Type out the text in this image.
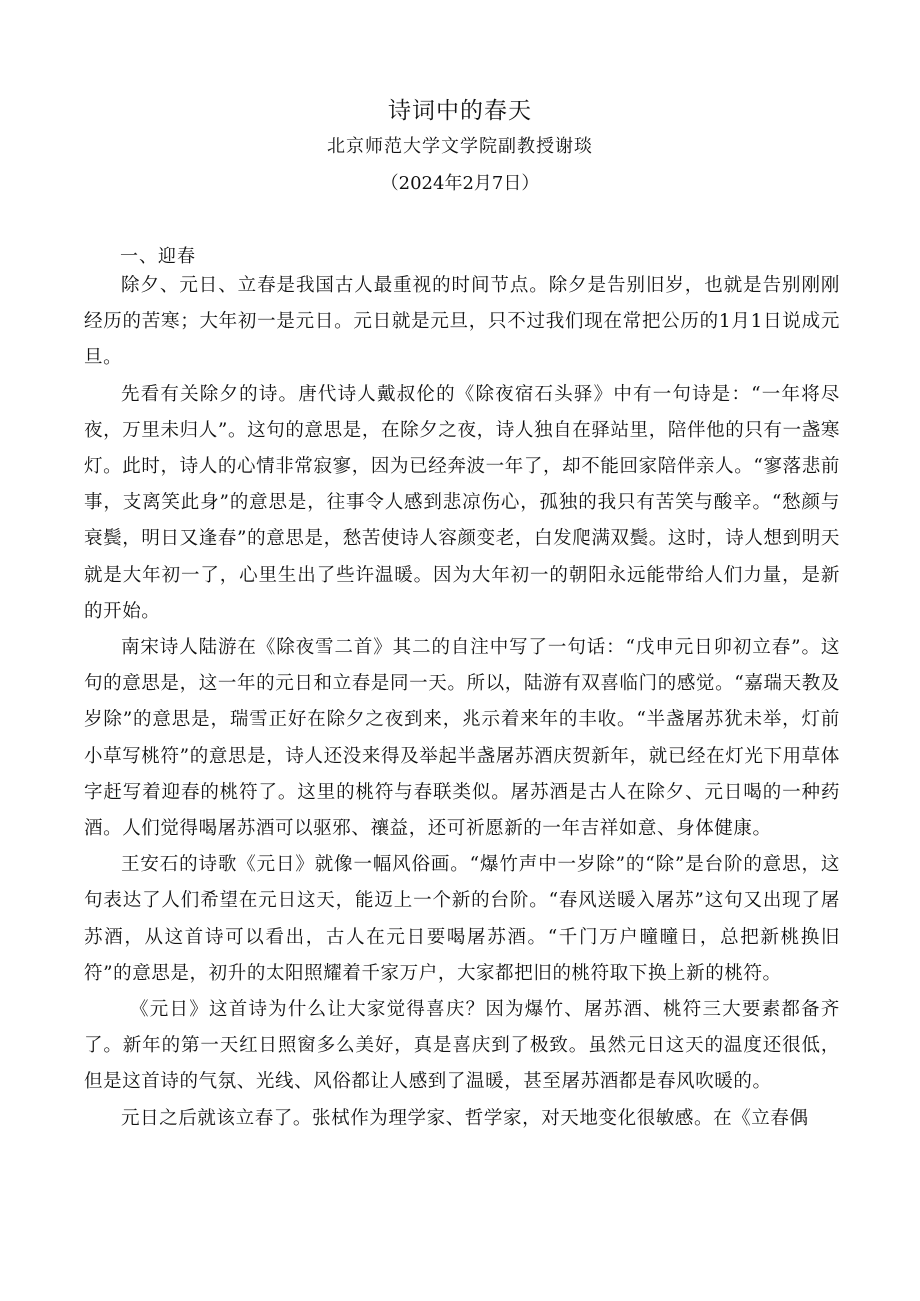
诗词中的春天
北京师范大学文学院副教授谢琰
（2024年2月7日）
一、迎春

除夕、元日、立春是我国古人最重视的时间节点。除夕是告别旧岁，也就是告别刚刚经历的苦寒；大年初一是元日。元日就是元旦，只不过我们现在常把公历的1月1日说成元旦。

先看有关除夕的诗。唐代诗人戴叔伦的《除夜宿石头驿》中有一句诗是：“一年将尽夜，万里未归人”。这句的意思是，在除夕之夜，诗人独自在驿站里，陪伴他的只有一盏寒灯。此时，诗人的心情非常寂寥，因为已经奔波一年了，却不能回家陪伴亲人。“寥落悲前事，支离笑此身”的意思是，往事令人感到悲凉伤心，孤独的我只有苦笑与酸辛。“愁颜与衰鬓，明日又逢春”的意思是，愁苦使诗人容颜变老，白发爬满双鬓。这时，诗人想到明天就是大年初一了，心里生出了些许温暖。因为大年初一的朝阳永远能带给人们力量，是新的开始。

南宋诗人陆游在《除夜雪二首》其二的自注中写了一句话：“戊申元日卯初立春”。这句的意思是，这一年的元日和立春是同一天。所以，陆游有双喜临门的感觉。“嘉瑞天教及岁除”的意思是，瑞雪正好在除夕之夜到来，兆示着来年的丰收。“半盏屠苏犹未举，灯前小草写桃符”的意思是，诗人还没来得及举起半盏屠苏酒庆贺新年，就已经在灯光下用草体字赶写着迎春的桃符了。这里的桃符与春联类似。屠苏酒是古人在除夕、元日喝的一种药酒。人们觉得喝屠苏酒可以驱邪、禳益，还可祈愿新的一年吉祥如意、身体健康。

王安石的诗歌《元日》就像一幅风俗画。“爆竹声中一岁除”的“除”是台阶的意思，这句表达了人们希望在元日这天，能迈上一个新的台阶。“春风送暖入屠苏”这句又出现了屠苏酒，从这首诗可以看出，古人在元日要喝屠苏酒。“千门万户曈曈日，总把新桃换旧符”的意思是，初升的太阳照耀着千家万户，大家都把旧的桃符取下换上新的桃符。

《元日》这首诗为什么让大家觉得喜庆？因为爆竹、屠苏酒、桃符三大要素都备齐了。新年的第一天红日照窗多么美好，真是喜庆到了极致。虽然元日这天的温度还很低，但是这首诗的气氛、光线、风俗都让人感到了温暖，甚至屠苏酒都是春风吹暖的。

元日之后就该立春了。张栻作为理学家、哲学家，对天地变化很敏感。在《立春偶
